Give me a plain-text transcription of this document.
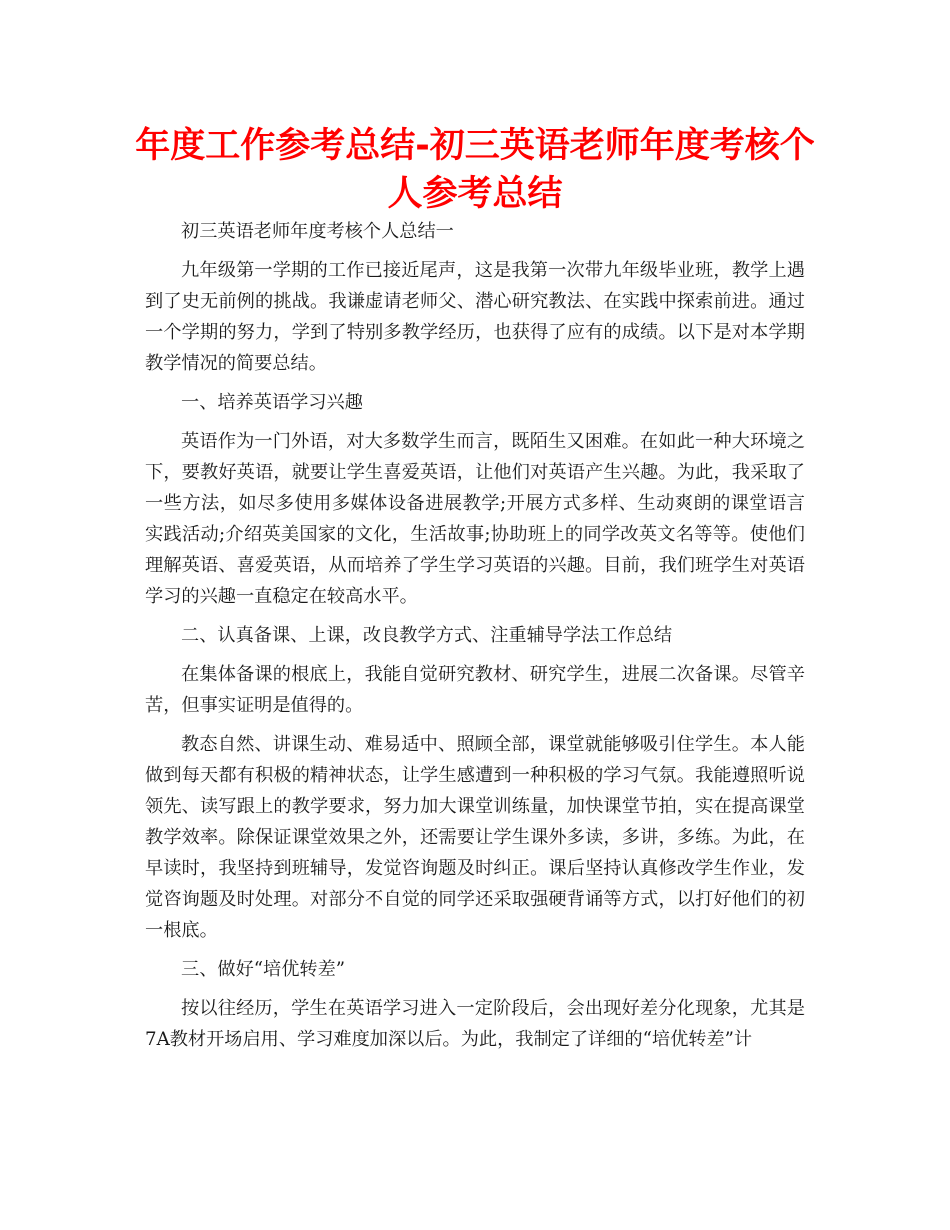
年度工作参考总结-初三英语老师年度考核个人参考总结

初三英语老师年度考核个人总结一

九年级第一学期的工作已接近尾声，这是我第一次带九年级毕业班，教学上遇到了史无前例的挑战。我谦虚请老师父、潜心研究教法、在实践中探索前进。通过一个学期的努力，学到了特别多教学经历，也获得了应有的成绩。以下是对本学期教学情况的简要总结。

一、培养英语学习兴趣

英语作为一门外语，对大多数学生而言，既陌生又困难。在如此一种大环境之下，要教好英语，就要让学生喜爱英语，让他们对英语产生兴趣。为此，我采取了一些方法，如尽多使用多媒体设备进展教学;开展方式多样、生动爽朗的课堂语言实践活动;介绍英美国家的文化，生活故事;协助班上的同学改英文名等等。使他们理解英语、喜爱英语，从而培养了学生学习英语的兴趣。目前，我们班学生对英语学习的兴趣一直稳定在较高水平。

二、认真备课、上课，改良教学方式、注重辅导学法工作总结

在集体备课的根底上，我能自觉研究教材、研究学生，进展二次备课。尽管辛苦，但事实证明是值得的。

教态自然、讲课生动、难易适中、照顾全部，课堂就能够吸引住学生。本人能做到每天都有积极的精神状态，让学生感遭到一种积极的学习气氛。我能遵照听说领先、读写跟上的教学要求，努力加大课堂训练量，加快课堂节拍，实在提高课堂教学效率。除保证课堂效果之外，还需要让学生课外多读，多讲，多练。为此，在早读时，我坚持到班辅导，发觉咨询题及时纠正。课后坚持认真修改学生作业，发觉咨询题及时处理。对部分不自觉的同学还采取强硬背诵等方式，以打好他们的初一根底。

三、做好“培优转差”

按以往经历，学生在英语学习进入一定阶段后，会出现好差分化现象，尤其是7A教材开场启用、学习难度加深以后。为此，我制定了详细的“培优转差”计
